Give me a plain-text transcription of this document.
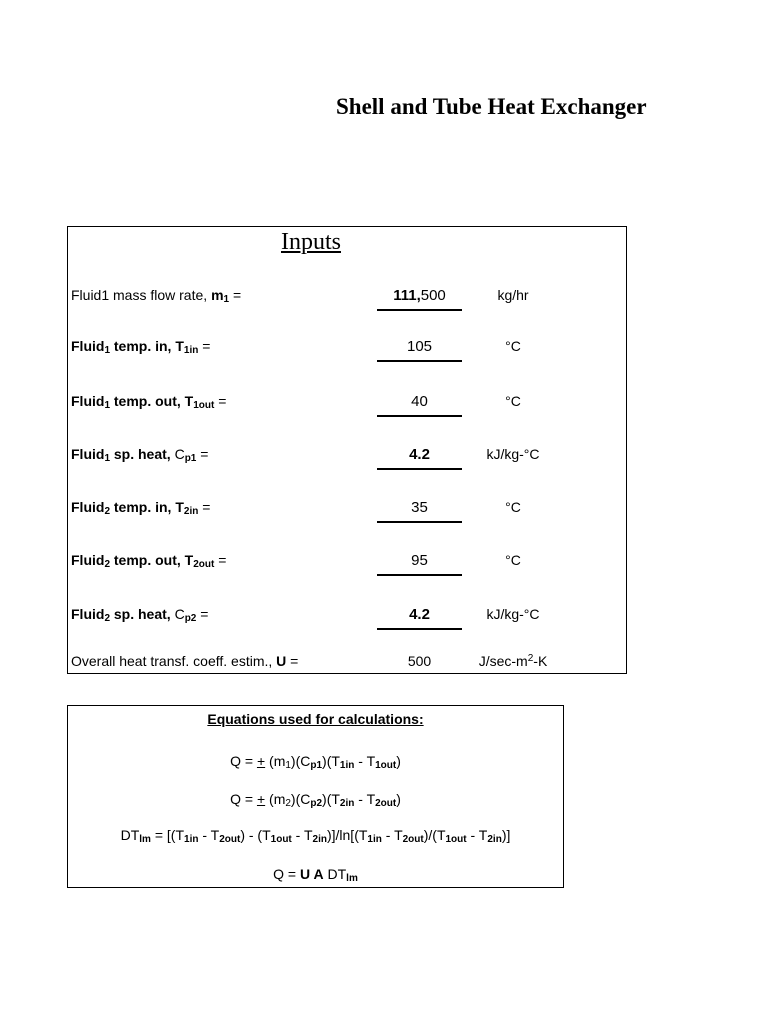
Shell and Tube Heat Exchanger
Inputs
Fluid1 mass flow rate, $m_1$ =	111,500	kg/hr
Fluid$_1$ temp. in, $T_{1in}$ =	105	°C
Fluid$_1$ temp. out, $T_{1out}$ =	40	°C
Fluid$_1$ sp. heat, $C_{p1}$ =	4.2	kJ/kg-°C
Fluid$_2$ temp. in, $T_{2in}$ =	35	°C
Fluid$_2$ temp. out, $T_{2out}$ =	95	°C
Fluid$_2$ sp. heat, $C_{p2}$ =	4.2	kJ/kg-°C
Overall heat transf. coeff. estim., U =	500	$J/\sec-m^2-K$
Equations used for calculations:
Q = + $(m_1)(C_{p1})(T_{1in} - T_{1out})$
Q = + $(m_2)(C_{p2})(T_{2in} - T_{2out})$
$DT_{lm} = [(T_{1in} - T_{2out}) - (T_{1out} - T_{2in})]/\ln[(T_{1in} - T_{2out})/(T_{1out} - T_{2in})]$
Q = U A $DT_{lm}$
